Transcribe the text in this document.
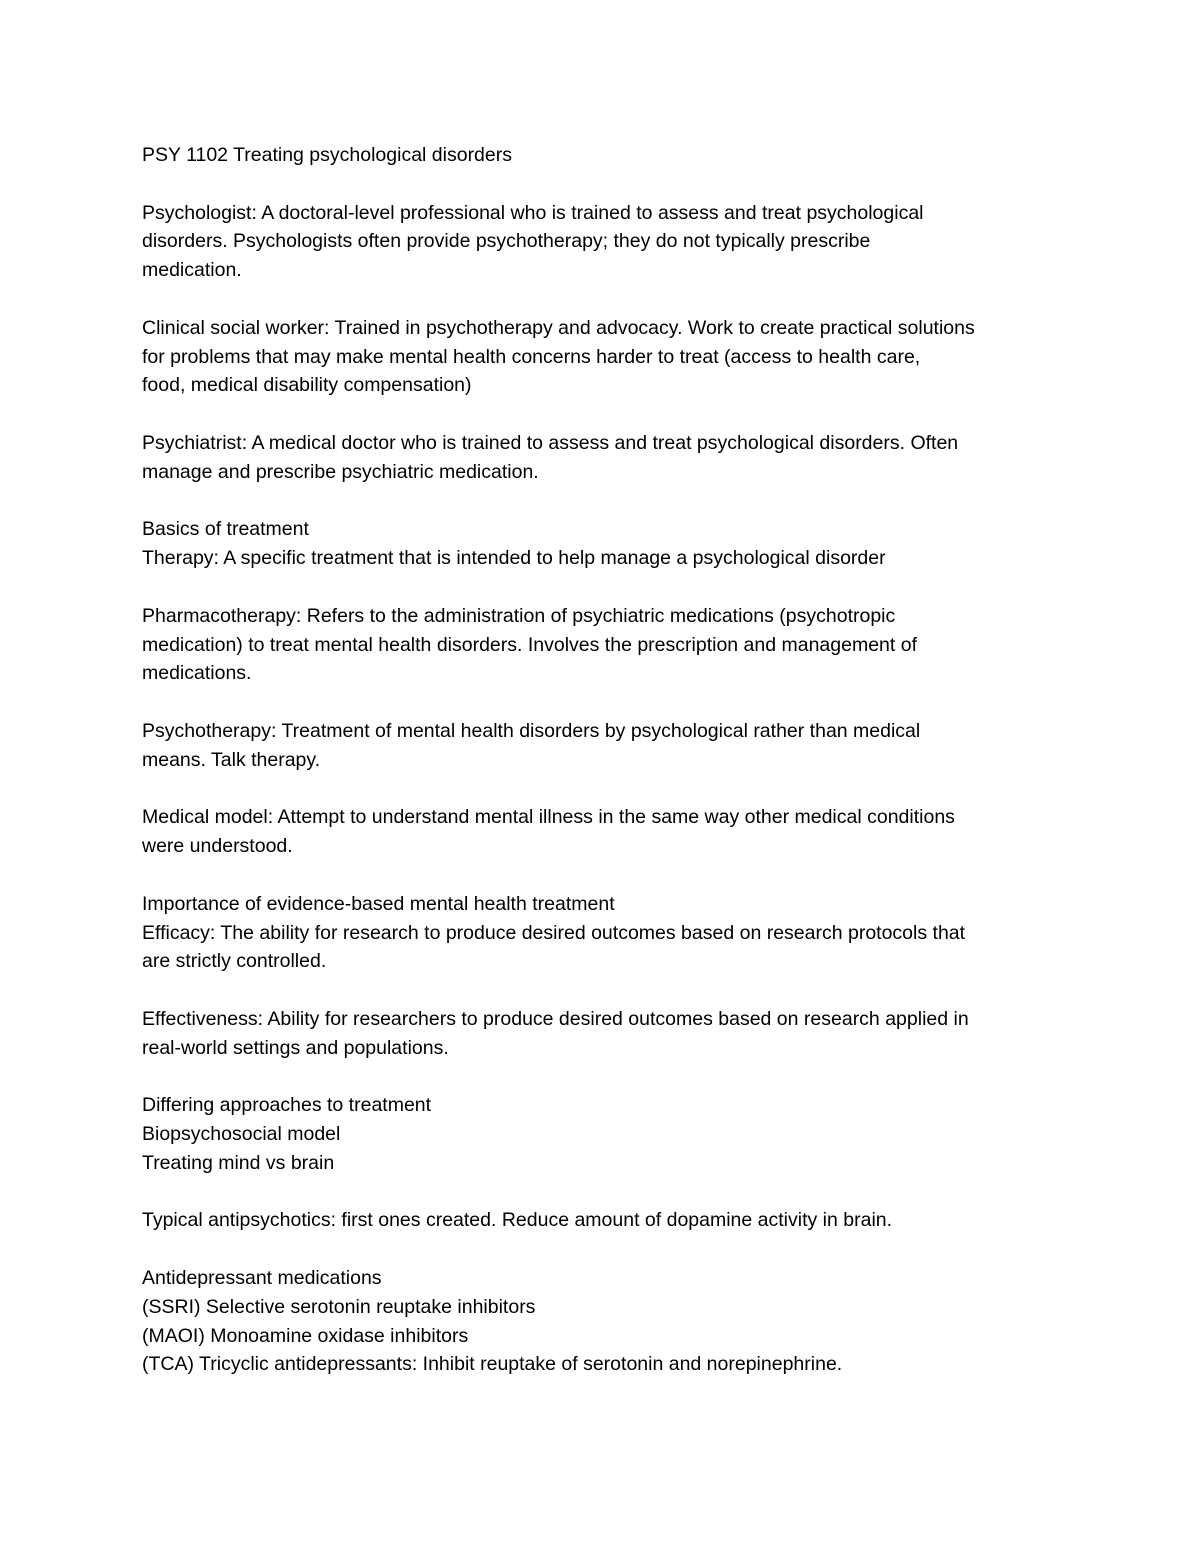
PSY 1102 Treating psychological disorders

Psychologist: A doctoral-level professional who is trained to assess and treat psychological
disorders. Psychologists often provide psychotherapy; they do not typically prescribe
medication.

Clinical social worker: Trained in psychotherapy and advocacy. Work to create practical solutions
for problems that may make mental health concerns harder to treat (access to health care,
food, medical disability compensation)

Psychiatrist: A medical doctor who is trained to assess and treat psychological disorders. Often
manage and prescribe psychiatric medication.

Basics of treatment
Therapy: A specific treatment that is intended to help manage a psychological disorder

Pharmacotherapy: Refers to the administration of psychiatric medications (psychotropic
medication) to treat mental health disorders. Involves the prescription and management of
medications.

Psychotherapy: Treatment of mental health disorders by psychological rather than medical
means. Talk therapy.

Medical model: Attempt to understand mental illness in the same way other medical conditions
were understood.

Importance of evidence-based mental health treatment
Efficacy: The ability for research to produce desired outcomes based on research protocols that
are strictly controlled.

Effectiveness: Ability for researchers to produce desired outcomes based on research applied in
real-world settings and populations.

Differing approaches to treatment
Biopsychosocial model
Treating mind vs brain

Typical antipsychotics: first ones created. Reduce amount of dopamine activity in brain.

Antidepressant medications
(SSRI) Selective serotonin reuptake inhibitors
(MAOI) Monoamine oxidase inhibitors
(TCA) Tricyclic antidepressants: Inhibit reuptake of serotonin and norepinephrine.
